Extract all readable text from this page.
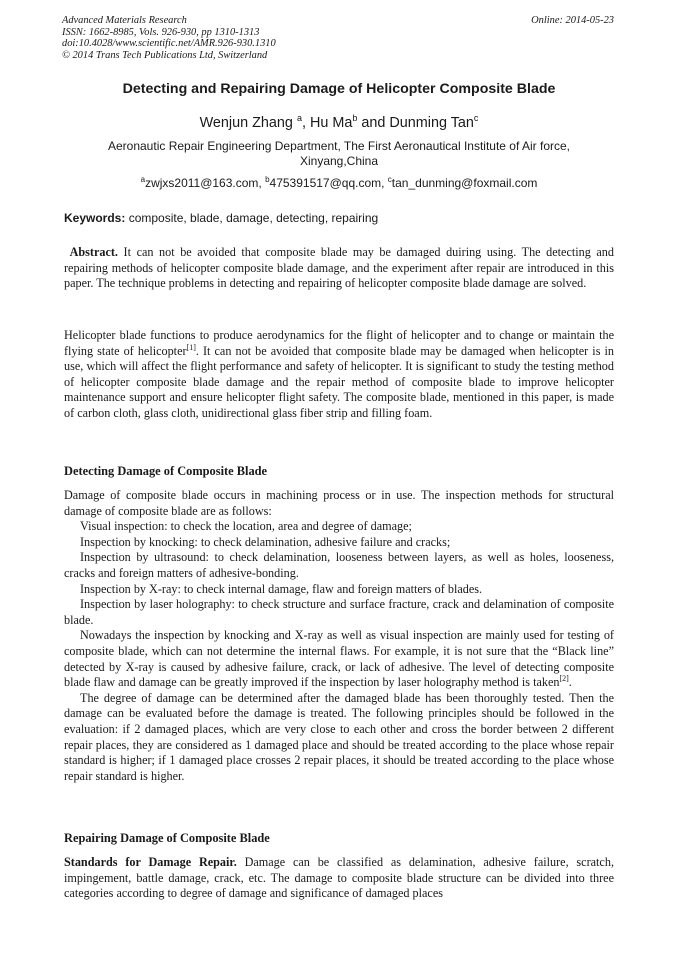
Advanced Materials Research
ISSN: 1662-8985, Vols. 926-930, pp 1310-1313
doi:10.4028/www.scientific.net/AMR.926-930.1310
© 2014 Trans Tech Publications Ltd, Switzerland
Online: 2014-05-23
Detecting and Repairing Damage of Helicopter Composite Blade
Wenjun Zhang $^a$, Hu Ma$^b$ and Dunming Tan$^c$
Aeronautic Repair Engineering Department, The First Aeronautical Institute of Air force, Xinyang,China
$^a$zwjxs2011@163.com, $^b$475391517@qq.com, $^c$tan_dunming@foxmail.com
Keywords: composite, blade, damage, detecting, repairing

Abstract. It can not be avoided that composite blade may be damaged duiring using. The detecting and repairing methods of helicopter composite blade damage, and the experiment after repair are introduced in this paper. The technique problems in detecting and repairing of helicopter composite blade damage are solved.

Helicopter blade functions to produce aerodynamics for the flight of helicopter and to change or maintain the flying state of helicopter[1]. It can not be avoided that composite blade may be damaged when helicopter is in use, which will affect the flight performance and safety of helicopter. It is significant to study the testing method of helicopter composite blade damage and the repair method of composite blade to improve helicopter maintenance support and ensure helicopter flight safety. The composite blade, mentioned in this paper, is made of carbon cloth, glass cloth, unidirectional glass fiber strip and filling foam.

Detecting Damage of Composite Blade

Damage of composite blade occurs in machining process or in use. The inspection methods for structural damage of composite blade are as follows:

Visual inspection: to check the location, area and degree of damage;

Inspection by knocking: to check delamination, adhesive failure and cracks;

Inspection by ultrasound: to check delamination, looseness between layers, as well as holes, looseness, cracks and foreign matters of adhesive-bonding.

Inspection by X-ray: to check internal damage, flaw and foreign matters of blades.

Inspection by laser holography: to check structure and surface fracture, crack and delamination of composite blade.

Nowadays the inspection by knocking and X-ray as well as visual inspection are mainly used for testing of composite blade, which can not determine the internal flaws. For example, it is not sure that the “Black line” detected by X-ray is caused by adhesive failure, crack, or lack of adhesive. The level of detecting composite blade flaw and damage can be greatly improved if the inspection by laser holography method is taken[2].

The degree of damage can be determined after the damaged blade has been thoroughly tested. Then the damage can be evaluated before the damage is treated. The following principles should be followed in the evaluation: if 2 damaged places, which are very close to each other and cross the border between 2 different repair places, they are considered as 1 damaged place and should be treated according to the place whose repair standard is higher; if 1 damaged place crosses 2 repair places, it should be treated according to the place whose repair standard is higher.

Repairing Damage of Composite Blade

Standards for Damage Repair. Damage can be classified as delamination, adhesive failure, scratch, impingement, battle damage, crack, etc. The damage to composite blade structure can be divided into three categories according to degree of damage and significance of damaged places
